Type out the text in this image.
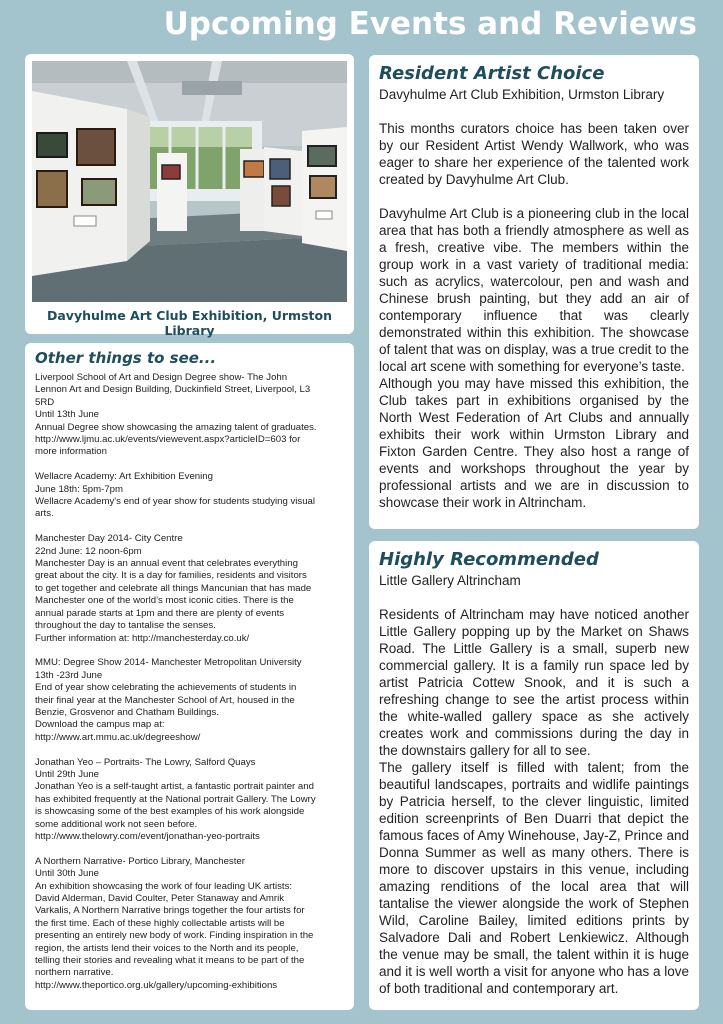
Upcoming Events and Reviews
Davyhulme Art Club Exhibition, Urmston Library
Other things to see...
Liverpool School of Art and Design Degree show- The John
Lennon Art and Design Building, Duckinfield Street, Liverpool, L3
5RD
Until 13th June
Annual Degree show showcasing the amazing talent of graduates.
http://www.ljmu.ac.uk/events/viewevent.aspx?articleID=603 for
more information
Wellacre Academy: Art Exhibition Evening
June 18th: 5pm-7pm
Wellacre Academy's end of year show for students studying visual
arts.
Manchester Day 2014- City Centre
22nd June: 12 noon-6pm
Manchester Day is an annual event that celebrates everything
great about the city. It is a day for families, residents and visitors
to get together and celebrate all things Mancunian that has made
Manchester one of the world’s most iconic cities. There is the
annual parade starts at 1pm and there are plenty of events
throughout the day to tantalise the senses.
Further information at: http://manchesterday.co.uk/
MMU: Degree Show 2014- Manchester Metropolitan University
13th -23rd June
End of year show celebrating the achievements of students in
their final year at the Manchester School of Art, housed in the
Benzie, Grosvenor and Chatham Buildings.
Download the campus map at:
http://www.art.mmu.ac.uk/degreeshow/
Jonathan Yeo – Portraits- The Lowry, Salford Quays
Until 29th June
Jonathan Yeo is a self-taught artist, a fantastic portrait painter and
has exhibited frequently at the National portrait Gallery. The Lowry
is showcasing some of the best examples of his work alongside
some additional work not seen before.
http://www.thelowry.com/event/jonathan-yeo-portraits
A Northern Narrative- Portico Library, Manchester
Until 30th June
An exhibition showcasing the work of four leading UK artists:
David Alderman, David Coulter, Peter Stanaway and Amrik
Varkalis, A Northern Narrative brings together the four artists for
the first time. Each of these highly collectable artists will be
presenting an entirely new body of work. Finding inspiration in the
region, the artists lend their voices to the North and its people,
telling their stories and revealing what it means to be part of the
northern narrative.
http://www.theportico.org.uk/gallery/upcoming-exhibitions
Resident Artist Choice
Davyhulme Art Club Exhibition, Urmston Library

This months curators choice has been taken over by our Resident Artist Wendy Wallwork, who was eager to share her experience of the talented work created by Davyhulme Art Club.

Davyhulme Art Club is a pioneering club in the local area that has both a friendly atmosphere as well as a fresh, creative vibe. The members within the group work in a vast variety of traditional media: such as acrylics, watercolour, pen and wash and Chinese brush painting, but they add an air of contemporary influence that was clearly demonstrated within this exhibition. The showcase of talent that was on display, was a true credit to the local art scene with something for everyone’s taste.

Although you may have missed this exhibition, the Club takes part in exhibitions organised by the North West Federation of Art Clubs and annually exhibits their work within Urmston Library and Fixton Garden Centre. They also host a range of events and workshops throughout the year by professional artists and we are in discussion to showcase their work in Altrincham.

Highly Recommended
Little Gallery Altrincham

Residents of Altrincham may have noticed another Little Gallery popping up by the Market on Shaws Road. The Little Gallery is a small, superb new commercial gallery. It is a family run space led by artist Patricia Cottew Snook, and it is such a refreshing change to see the artist process within the white-walled gallery space as she actively creates work and commissions during the day in the downstairs gallery for all to see.

The gallery itself is filled with talent; from the beautiful landscapes, portraits and widlife paintings by Patricia herself, to the clever linguistic, limited edition screenprints of Ben Duarri that depict the famous faces of Amy Winehouse, Jay-Z, Prince and Donna Summer as well as many others. There is more to discover upstairs in this venue, including amazing renditions of the local area that will tantalise the viewer alongside the work of Stephen Wild, Caroline Bailey, limited editions prints by Salvadore Dali and Robert Lenkiewicz. Although the venue may be small, the talent within it is huge and it is well worth a visit for anyone who has a love of both traditional and contemporary art.
